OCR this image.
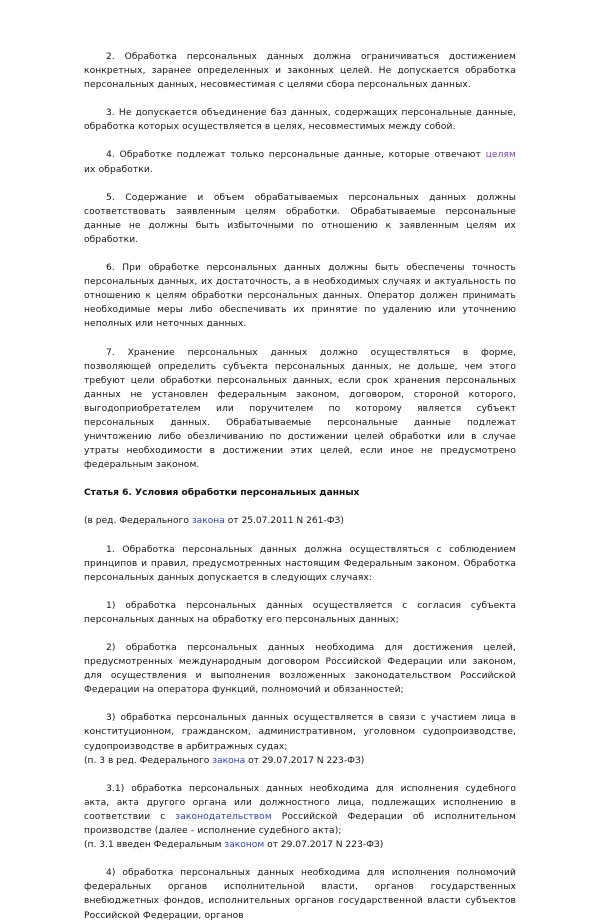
2. Обработка персональных данных должна ограничиваться достижением конкретных, заранее определенных и законных целей. Не допускается обработка персональных данных, несовместимая с целями сбора персональных данных.

3. Не допускается объединение баз данных, содержащих персональные данные, обработка которых осуществляется в целях, несовместимых между собой.

4. Обработке подлежат только персональные данные, которые отвечают целям их обработки.

5. Содержание и объем обрабатываемых персональных данных должны соответствовать заявленным целям обработки. Обрабатываемые персональные данные не должны быть избыточными по отношению к заявленным целям их обработки.

6. При обработке персональных данных должны быть обеспечены точность персональных данных, их достаточность, а в необходимых случаях и актуальность по отношению к целям обработки персональных данных. Оператор должен принимать необходимые меры либо обеспечивать их принятие по удалению или уточнению неполных или неточных данных.

7. Хранение персональных данных должно осуществляться в форме, позволяющей определить субъекта персональных данных, не дольше, чем этого требуют цели обработки персональных данных, если срок хранения персональных данных не установлен федеральным законом, договором, стороной которого, выгодоприобретателем или поручителем по которому является субъект персональных данных. Обрабатываемые персональные данные подлежат уничтожению либо обезличиванию по достижении целей обработки или в случае утраты необходимости в достижении этих целей, если иное не предусмотрено федеральным законом.

Статья 6. Условия обработки персональных данных

(в ред. Федерального закона от 25.07.2011 N 261-ФЗ)

1. Обработка персональных данных должна осуществляться с соблюдением принципов и правил, предусмотренных настоящим Федеральным законом. Обработка персональных данных допускается в следующих случаях:

1) обработка персональных данных осуществляется с согласия субъекта персональных данных на обработку его персональных данных;

2) обработка персональных данных необходима для достижения целей, предусмотренных международным договором Российской Федерации или законом, для осуществления и выполнения возложенных законодательством Российской Федерации на оператора функций, полномочий и обязанностей;

3) обработка персональных данных осуществляется в связи с участием лица в конституционном, гражданском, административном, уголовном судопроизводстве, судопроизводстве в арбитражных судах;

(п. 3 в ред. Федерального закона от 29.07.2017 N 223-ФЗ)

3.1) обработка персональных данных необходима для исполнения судебного акта, акта другого органа или должностного лица, подлежащих исполнению в соответствии с законодательством Российской Федерации об исполнительном производстве (далее - исполнение судебного акта);

(п. 3.1 введен Федеральным законом от 29.07.2017 N 223-ФЗ)

4) обработка персональных данных необходима для исполнения полномочий федеральных органов исполнительной власти, органов государственных внебюджетных фондов, исполнительных органов государственной власти субъектов Российской Федерации, органов
